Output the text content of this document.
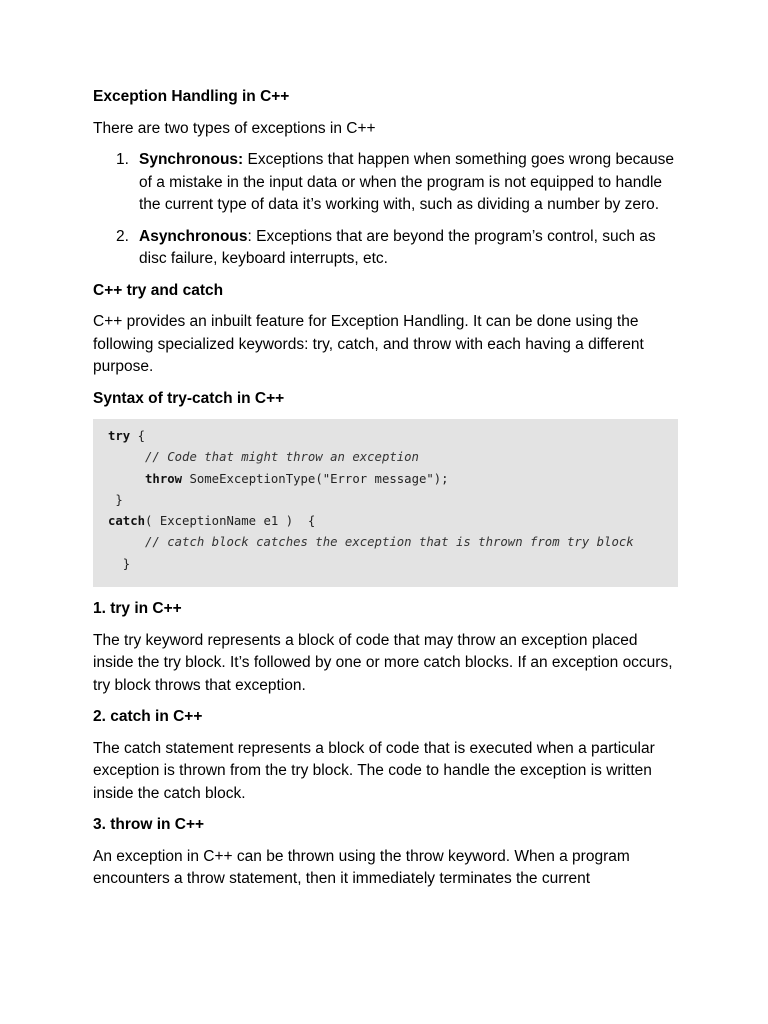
Exception Handling in C++

There are two types of exceptions in C++

1. Synchronous: Exceptions that happen when something goes wrong because of a mistake in the input data or when the program is not equipped to handle the current type of data it’s working with, such as dividing a number by zero.
2. Asynchronous: Exceptions that are beyond the program’s control, such as disc failure, keyboard interrupts, etc.

C++ try and catch

C++ provides an inbuilt feature for Exception Handling. It can be done using the following specialized keywords: try, catch, and throw with each having a different purpose.

Syntax of try-catch in C++

try {
// Code that might throw an exception
throw SomeExceptionType("Error message");
}
catch( ExceptionName e1 )  {
// catch block catches the exception that is thrown from try block
}

1. try in C++

The try keyword represents a block of code that may throw an exception placed inside the try block. It’s followed by one or more catch blocks. If an exception occurs, try block throws that exception.

2. catch in C++

The catch statement represents a block of code that is executed when a particular exception is thrown from the try block. The code to handle the exception is written inside the catch block.

3. throw in C++

An exception in C++ can be thrown using the throw keyword. When a program encounters a throw statement, then it immediately terminates the current
